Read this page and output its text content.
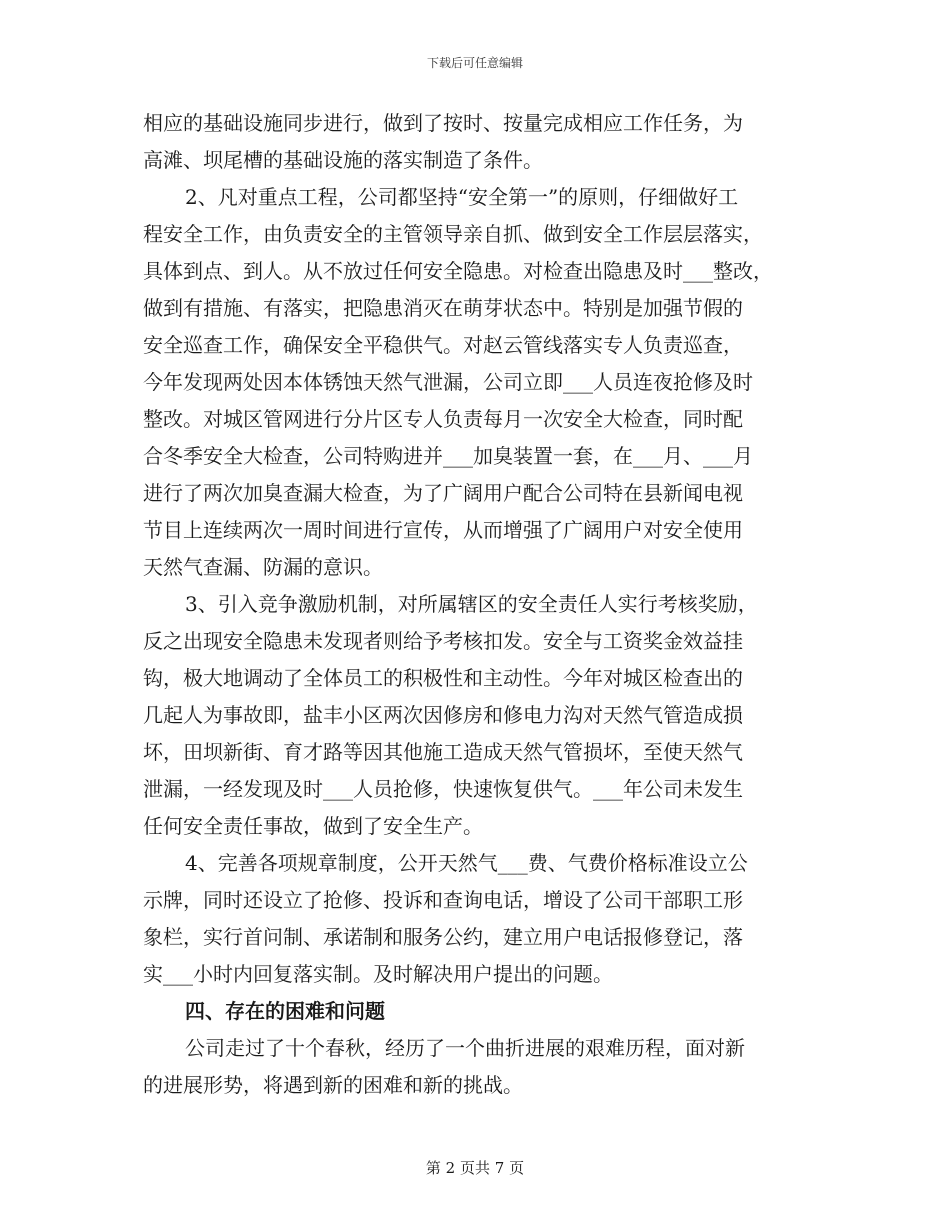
下载后可任意编辑
相应的基础设施同步进行，做到了按时、按量完成相应工作任务，为
高滩、坝尾槽的基础设施的落实制造了条件。
2、凡对重点工程，公司都坚持“安全第一”的原则，仔细做好工
程安全工作，由负责安全的主管领导亲自抓、做到安全工作层层落实，
具体到点、到人。从不放过任何安全隐患。对检查出隐患及时___整改，
做到有措施、有落实，把隐患消灭在萌芽状态中。特别是加强节假的
安全巡查工作，确保安全平稳供气。对赵云管线落实专人负责巡查，
今年发现两处因本体锈蚀天然气泄漏，公司立即___人员连夜抢修及时
整改。对城区管网进行分片区专人负责每月一次安全大检查，同时配
合冬季安全大检查，公司特购进并___加臭装置一套，在___月、___月
进行了两次加臭查漏大检查，为了广阔用户配合公司特在县新闻电视
节目上连续两次一周时间进行宣传，从而增强了广阔用户对安全使用
天然气查漏、防漏的意识。
3、引入竞争激励机制，对所属辖区的安全责任人实行考核奖励，
反之出现安全隐患未发现者则给予考核扣发。安全与工资奖金效益挂
钩，极大地调动了全体员工的积极性和主动性。今年对城区检查出的
几起人为事故即，盐丰小区两次因修房和修电力沟对天然气管造成损
坏，田坝新街、育才路等因其他施工造成天然气管损坏，至使天然气
泄漏，一经发现及时___人员抢修，快速恢复供气。___年公司未发生
任何安全责任事故，做到了安全生产。
4、完善各项规章制度，公开天然气___费、气费价格标准设立公
示牌，同时还设立了抢修、投诉和查询电话，增设了公司干部职工形
象栏，实行首问制、承诺制和服务公约，建立用户电话报修登记，落
实___小时内回复落实制。及时解决用户提出的问题。
四、存在的困难和问题
公司走过了十个春秋，经历了一个曲折进展的艰难历程，面对新
的进展形势，将遇到新的困难和新的挑战。
第 2 页共 7 页
